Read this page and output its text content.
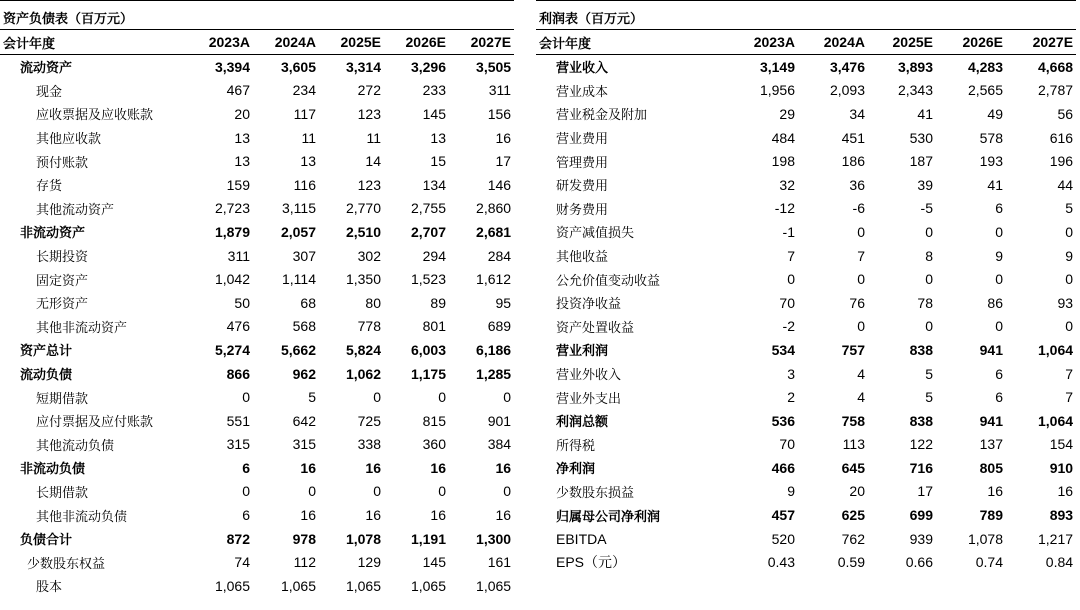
资产负债表（百万元）					
会计年度	2023A	2024A	2025E	2026E	2027E
流动资产	3,394	3,605	3,314	3,296	3,505
现金	467	234	272	233	311
应收票据及应收账款	20	117	123	145	156
其他应收款	13	11	11	13	16
预付账款	13	13	14	15	17
存货	159	116	123	134	146
其他流动资产	2,723	3,115	2,770	2,755	2,860
非流动资产	1,879	2,057	2,510	2,707	2,681
长期投资	311	307	302	294	284
固定资产	1,042	1,114	1,350	1,523	1,612
无形资产	50	68	80	89	95
其他非流动资产	476	568	778	801	689
资产总计	5,274	5,662	5,824	6,003	6,186
流动负债	866	962	1,062	1,175	1,285
短期借款	0	5	0	0	0
应付票据及应付账款	551	642	725	815	901
其他流动负债	315	315	338	360	384
非流动负债	6	16	16	16	16
长期借款	0	0	0	0	0
其他非流动负债	6	16	16	16	16
负债合计	872	978	1,078	1,191	1,300
少数股东权益	74	112	129	145	161
股本	1,065	1,065	1,065	1,065	1,065
利润表（百万元）					
会计年度	2023A	2024A	2025E	2026E	2027E
营业收入	3,149	3,476	3,893	4,283	4,668
营业成本	1,956	2,093	2,343	2,565	2,787
营业税金及附加	29	34	41	49	56
营业费用	484	451	530	578	616
管理费用	198	186	187	193	196
研发费用	32	36	39	41	44
财务费用	-12	-6	-5	6	5
资产减值损失	-1	0	0	0	0
其他收益	7	7	8	9	9
公允价值变动收益	0	0	0	0	0
投资净收益	70	76	78	86	93
资产处置收益	-2	0	0	0	0
营业利润	534	757	838	941	1,064
营业外收入	3	4	5	6	7
营业外支出	2	4	5	6	7
利润总额	536	758	838	941	1,064
所得税	70	113	122	137	154
净利润	466	645	716	805	910
少数股东损益	9	20	17	16	16
归属母公司净利润	457	625	699	789	893
EBITDA	520	762	939	1,078	1,217
EPS（元）	0.43	0.59	0.66	0.74	0.84
